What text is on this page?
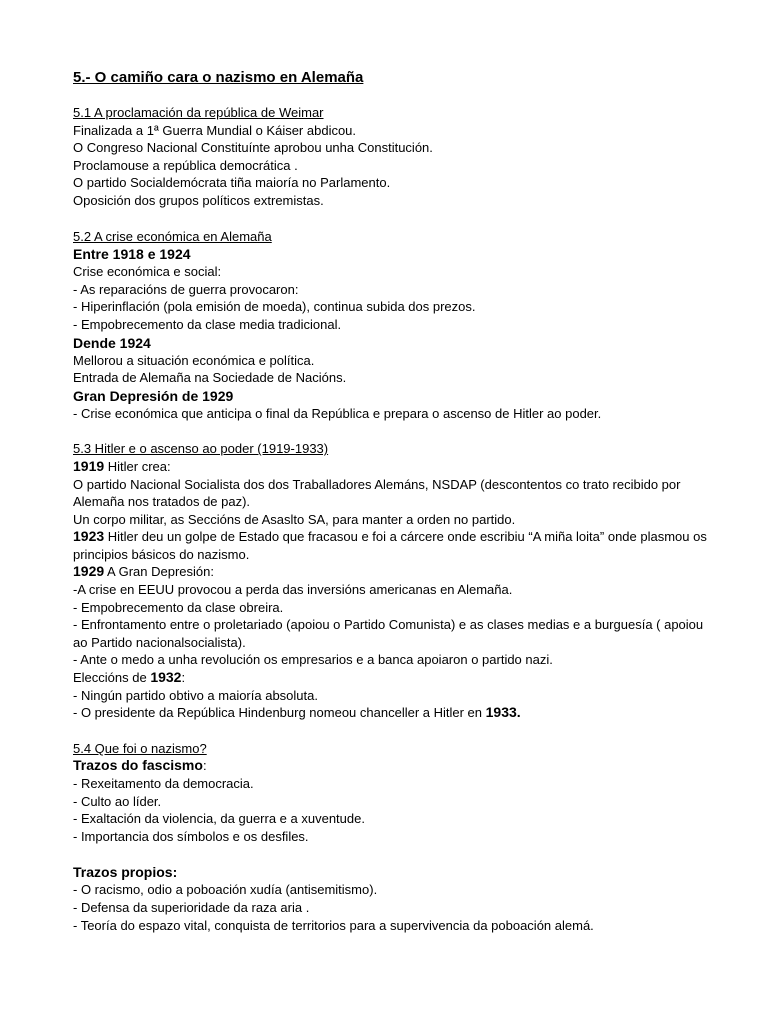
5.- O camiño cara o nazismo en Alemaña
5.1 A proclamación da república de Weimar
Finalizada a 1ª Guerra Mundial o Káiser abdicou.
O Congreso Nacional Constituínte aprobou unha Constitución.
Proclamouse a república democrática .
O partido Socialdemócrata tiña maioría no Parlamento.
Oposición dos grupos políticos extremistas.
5.2 A crise económica en Alemaña
Entre 1918 e 1924
Crise económica e social:
- As reparacións de guerra provocaron:
- Hiperinflación (pola emisión de moeda), continua subida dos prezos.
- Empobrecemento da clase media tradicional.
Dende 1924
Mellorou a situación económica e política.
Entrada de Alemaña na Sociedade de Nacións.
Gran Depresión de 1929
- Crise económica que anticipa o final da República e prepara o ascenso de Hitler ao poder.
5.3 Hitler e o ascenso ao poder (1919-1933)
1919 Hitler crea:
O partido Nacional Socialista dos dos Traballadores Alemáns, NSDAP (descontentos co trato recibido por Alemaña nos tratados de paz).
Un corpo militar, as Seccións de Asaslto SA, para manter a orden no partido.
1923 Hitler deu un golpe de Estado que fracasou e foi a cárcere onde escribiu “A miña loita” onde plasmou os principios básicos do nazismo.
1929 A Gran Depresión:
-A crise en EEUU provocou a perda das inversións americanas en Alemaña.
- Empobrecemento da clase obreira.
- Enfrontamento entre o proletariado (apoiou o Partido Comunista) e as clases medias e a burguesía ( apoiou ao Partido nacionalsocialista).
- Ante o medo a unha revolución os empresarios e a banca apoiaron o partido nazi.
Eleccións de 1932:
- Ningún partido obtivo a maioría absoluta.
- O presidente da República Hindenburg nomeou chanceller a Hitler en 1933.
5.4 Que foi o nazismo?
Trazos do fascismo:
- Rexeitamento da democracia.
- Culto ao líder.
- Exaltación da violencia, da guerra e a xuventude.
- Importancia dos símbolos e os desfiles.
Trazos propios:
- O racismo, odio a poboación xudía (antisemitismo).
- Defensa da superioridade da raza aria .
- Teoría do espazo vital, conquista de territorios para a supervivencia da poboación alemá.
